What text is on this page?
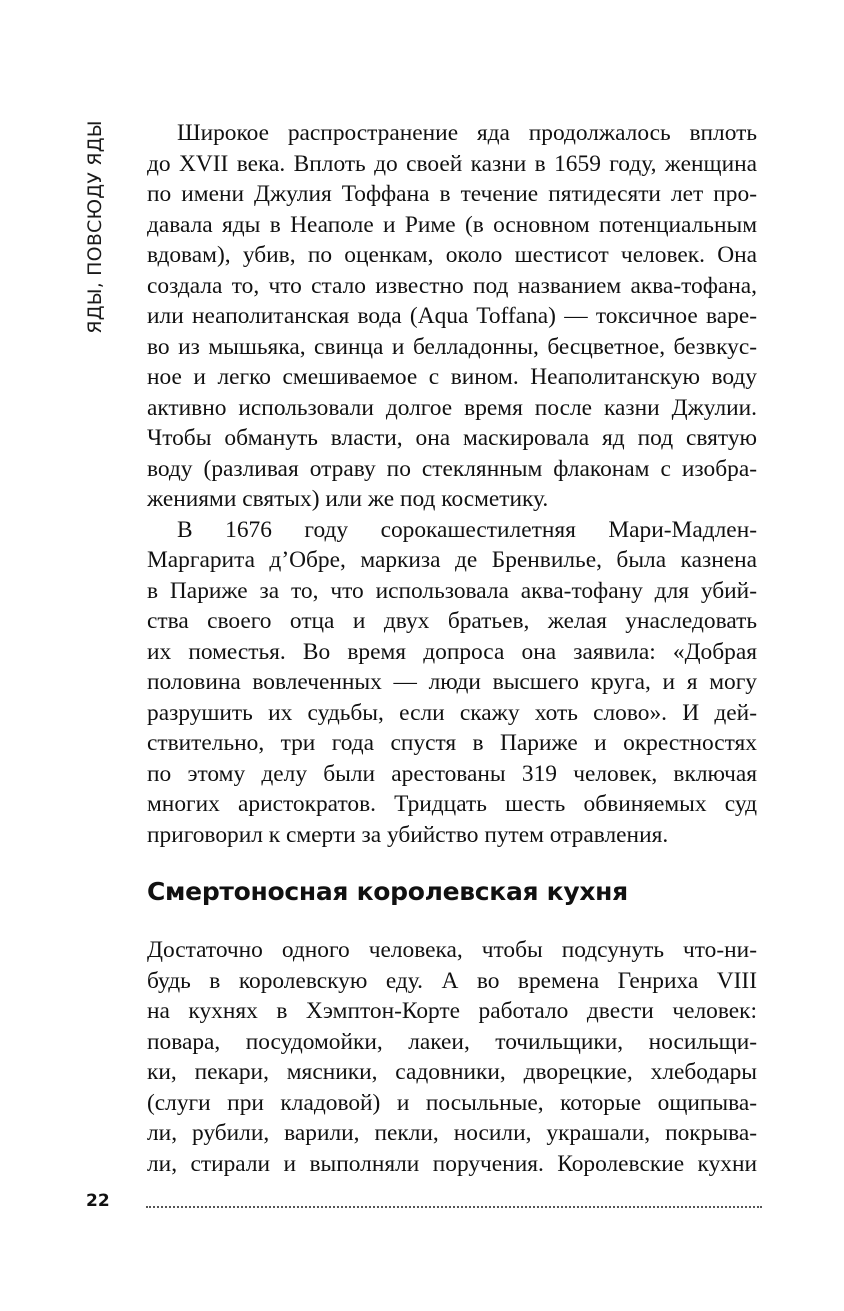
ЯДЫ, ПОВСЮДУ ЯДЫ	Широкое распространение яда продолжалось вплоть
до XVII века. Вплоть до своей казни в 1659 году, женщина
по имени Джулия Тоффана в течение пятидесяти лет про-
давала яды в Неаполе и Риме (в основном потенциальным
вдовам), убив, по оценкам, около шестисот человек. Она
создала то, что стало известно под названием аква-тофана,
или неаполитанская вода (Aqua Toffana) — токсичное варе-
во из мышьяка, свинца и белладонны, бесцветное, безвкус-
ное и легко смешиваемое с вином. Неаполитанскую воду
активно использовали долгое время после казни Джулии.
Чтобы обмануть власти, она маскировала яд под святую
воду (разливая отраву по стеклянным флаконам с изобра-
жениями святых) или же под косметику.
В 1676 году сорокашестилетняя Мари-Мадлен-
Маргарита д’Обре, маркиза де Бренвилье, была казнена
в Париже за то, что использовала аква-тофану для убий-
ства своего отца и двух братьев, желая унаследовать
их поместья. Во время допроса она заявила: «Добрая
половина вовлеченных — люди высшего круга, и я могу
разрушить их судьбы, если скажу хоть слово». И дей-
ствительно, три года спустя в Париже и окрестностях
по этому делу были арестованы 319 человек, включая
многих аристократов. Тридцать шесть обвиняемых суд
приговорил к смерти за убийство путем отравления.
Смертоносная королевская кухня
Достаточно одного человека, чтобы подсунуть что-ни-
будь в королевскую еду. А во времена Генриха VIII
на кухнях в Хэмптон-Корте работало двести человек:
повара, посудомойки, лакеи, точильщики, носильщи-
ки, пекари, мясники, садовники, дворецкие, хлебодары
(слуги при кладовой) и посыльные, которые ощипыва-
ли, рубили, варили, пекли, носили, украшали, покрыва-
ли, стирали и выполняли поручения. Королевские кухни
22
